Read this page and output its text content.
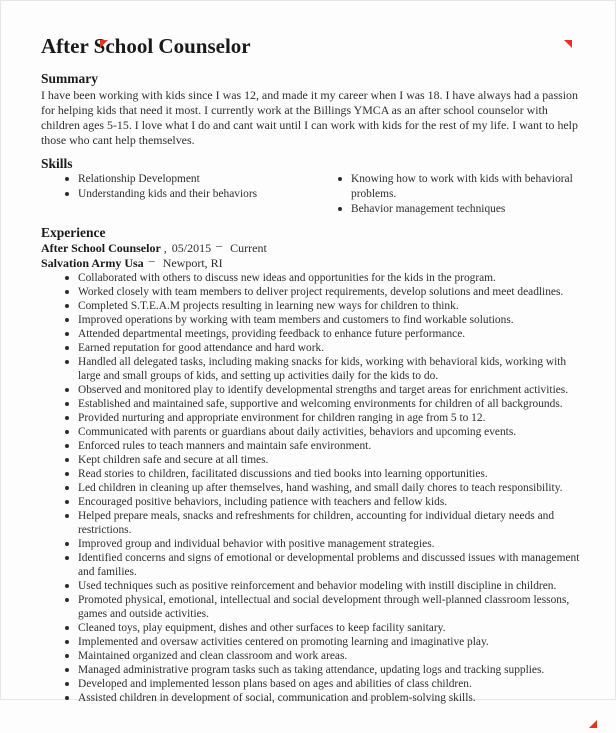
After School Counselor
Summary

I have been working with kids since I was 12, and made it my career when I was 18. I have always had a passion for helping kids that need it most. I currently work at the Billings YMCA as an after school counselor with children ages 5-15. I love what I do and cant wait until I can work with kids for the rest of my life. I want to help those who cant help themselves.

Skills
Relationship Development
Understanding kids and their behaviors
Knowing how to work with kids with behavioral problems.
Behavior management techniques
Experience
After School Counselor , 05/2015 – Current
Salvation Army Usa – Newport, RI
Collaborated with others to discuss new ideas and opportunities for the kids in the program.
Worked closely with team members to deliver project requirements, develop solutions and meet deadlines.
Completed S.T.E.A.M projects resulting in learning new ways for children to think.
Improved operations by working with team members and customers to find workable solutions.
Attended departmental meetings, providing feedback to enhance future performance.
Earned reputation for good attendance and hard work.
Handled all delegated tasks, including making snacks for kids, working with behavioral kids, working with large and small groups of kids, and setting up activities daily for the kids to do.
Observed and monitored play to identify developmental strengths and target areas for enrichment activities.
Established and maintained safe, supportive and welcoming environments for children of all backgrounds.
Provided nurturing and appropriate environment for children ranging in age from 5 to 12.
Communicated with parents or guardians about daily activities, behaviors and upcoming events.
Enforced rules to teach manners and maintain safe environment.
Kept children safe and secure at all times.
Read stories to children, facilitated discussions and tied books into learning opportunities.
Led children in cleaning up after themselves, hand washing, and small daily chores to teach responsibility.
Encouraged positive behaviors, including patience with teachers and fellow kids.
Helped prepare meals, snacks and refreshments for children, accounting for individual dietary needs and restrictions.
Improved group and individual behavior with positive management strategies.
Identified concerns and signs of emotional or developmental problems and discussed issues with management and families.
Used techniques such as positive reinforcement and behavior modeling with instill discipline in children.
Promoted physical, emotional, intellectual and social development through well-planned classroom lessons, games and outside activities.
Cleaned toys, play equipment, dishes and other surfaces to keep facility sanitary.
Implemented and oversaw activities centered on promoting learning and imaginative play.
Maintained organized and clean classroom and work areas.
Managed administrative program tasks such as taking attendance, updating logs and tracking supplies.
Developed and implemented lesson plans based on ages and abilities of class children.
Assisted children in development of social, communication and problem-solving skills.
